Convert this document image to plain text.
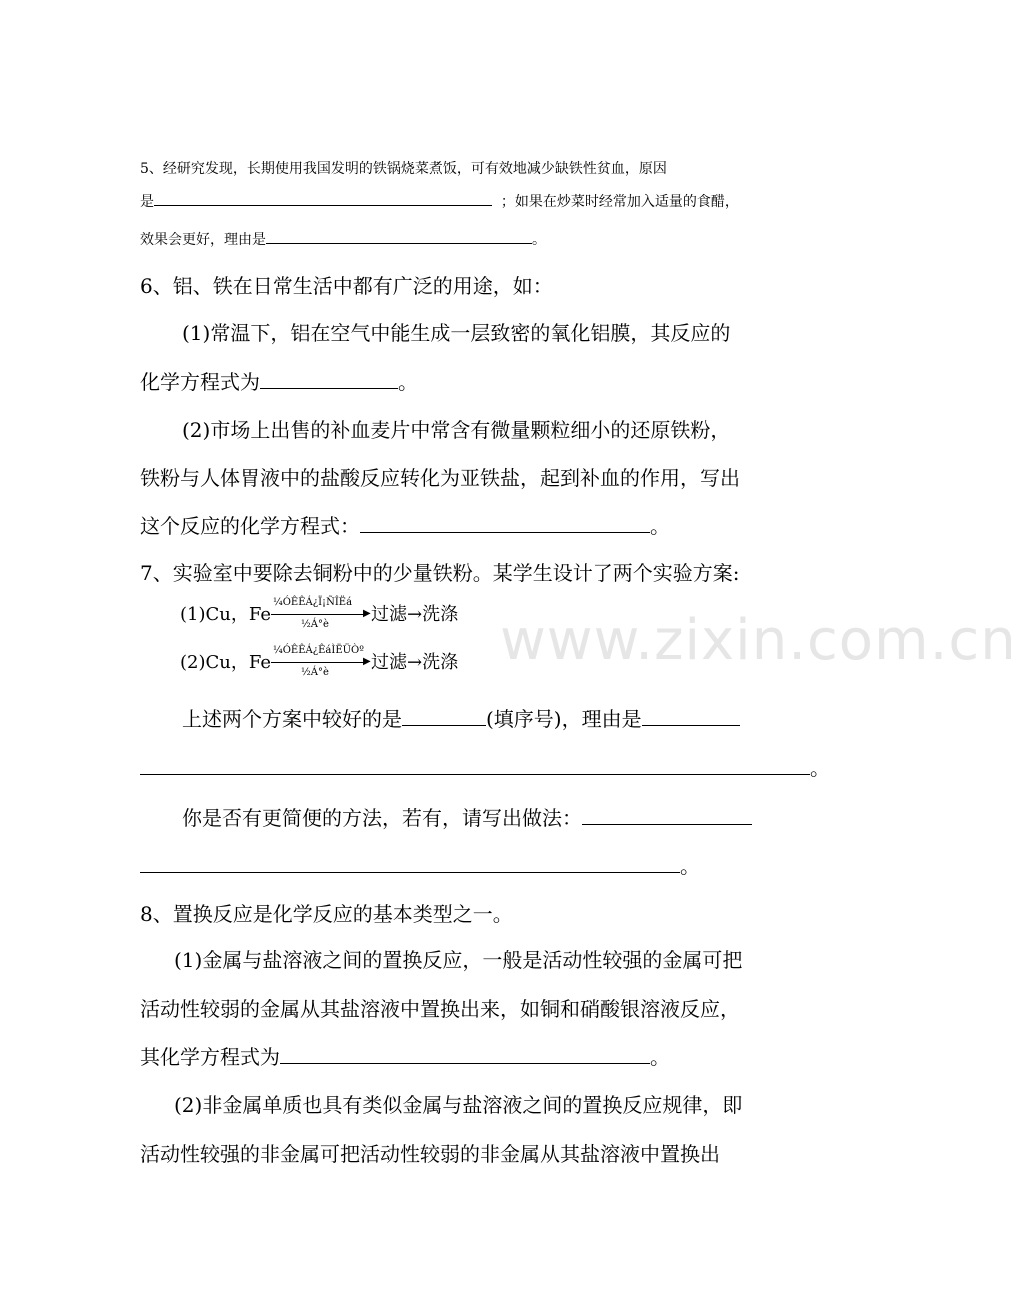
www.zixin.com.cn
5、经研究发现，长期使用我国发明的铁锅烧菜煮饭，可有效地减少缺铁性贫血，原因
是	；如果在炒菜时经常加入适量的食醋，
效果会更好，理由是	。
6、铝、铁在日常生活中都有广泛的用途，如：
(1)常温下，铝在空气中能生成一层致密的氧化铝膜，其反应的
化学方程式为	。
(2)市场上出售的补血麦片中常含有微量颗粒细小的还原铁粉，
铁粉与人体胃液中的盐酸反应转化为亚铁盐，起到补血的作用，写出
这个反应的化学方程式：	。
7、实验室中要除去铜粉中的少量铁粉。某学生设计了两个实验方案:
(1)Cu，Fe
¼ÓÊÊÁ¿Ï¡ÑÎËá
▶
½Á°è 过滤→洗涤
(2)Cu，Fe
¼ÓÊÊÁ¿ÊáÌËÜÒº
▶
½Á°è 过滤→洗涤
上述两个方案中较好的是	(填序号)，理由是
。
你是否有更简便的方法，若有，请写出做法：
。
8、置换反应是化学反应的基本类型之一。
(1)金属与盐溶液之间的置换反应，一般是活动性较强的金属可把
活动性较弱的金属从其盐溶液中置换出来，如铜和硝酸银溶液反应，
其化学方程式为	。
(2)非金属单质也具有类似金属与盐溶液之间的置换反应规律，即
活动性较强的非金属可把活动性较弱的非金属从其盐溶液中置换出
